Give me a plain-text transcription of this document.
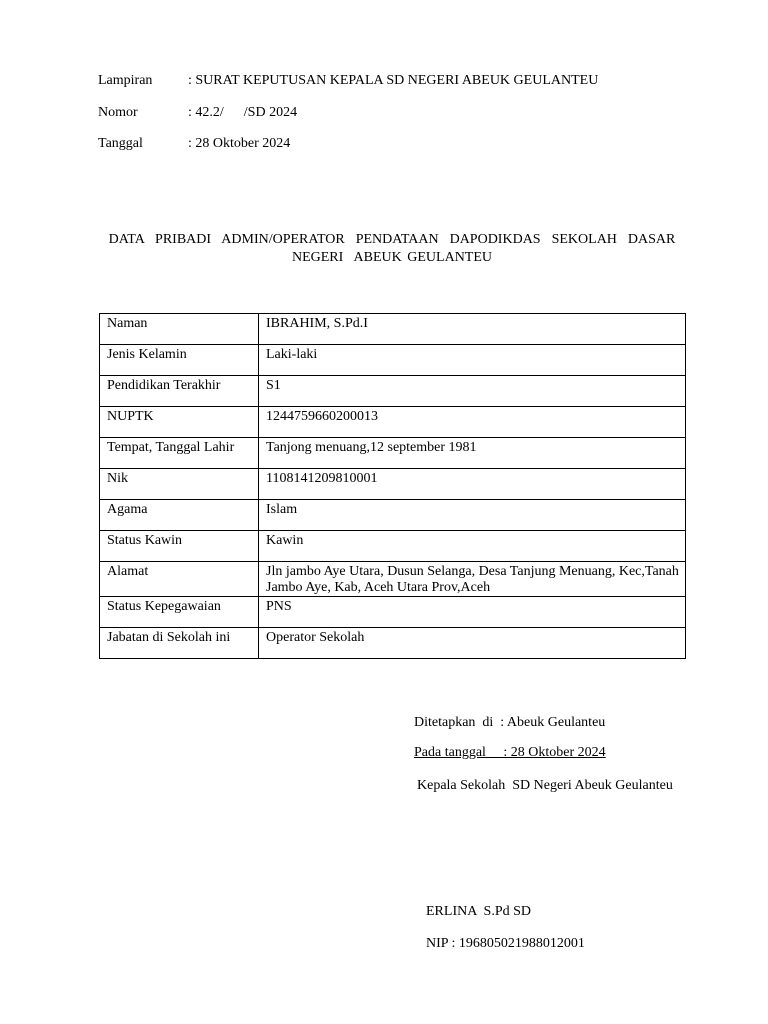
Lampiran	: SURAT KEPUTUSAN KEPALA SD NEGERI ABEUK GEULANTEU
Nomor	: 42.2/ /SD 2024
Tanggal	: 28 Oktober 2024
DATA  PRIBADI  ADMIN/OPERATOR  PENDATAAN  DAPODIKDAS  SEKOLAH  DASAR
NEGERI  ABEUK GEULANTEU
Naman	IBRAHIM, S.Pd.I
Jenis Kelamin	Laki-laki
Pendidikan Terakhir	S1
NUPTK	1244759660200013
Tempat, Tanggal Lahir	Tanjong menuang,12 september 1981
Nik	1108141209810001
Agama	Islam
Status Kawin	Kawin
Alamat	Jln jambo Aye Utara, Dusun Selanga, Desa Tanjung Menuang, Kec,Tanah Jambo Aye, Kab, Aceh Utara Prov,Aceh
Status Kepegawaian	PNS
Jabatan di Sekolah ini	Operator Sekolah
Ditetapkan  di  : Abeuk Geulanteu
Pada tanggal     : 28 Oktober 2024
Kepala Sekolah  SD Negeri Abeuk Geulanteu
ERLINA  S.Pd SD
NIP : 196805021988012001
